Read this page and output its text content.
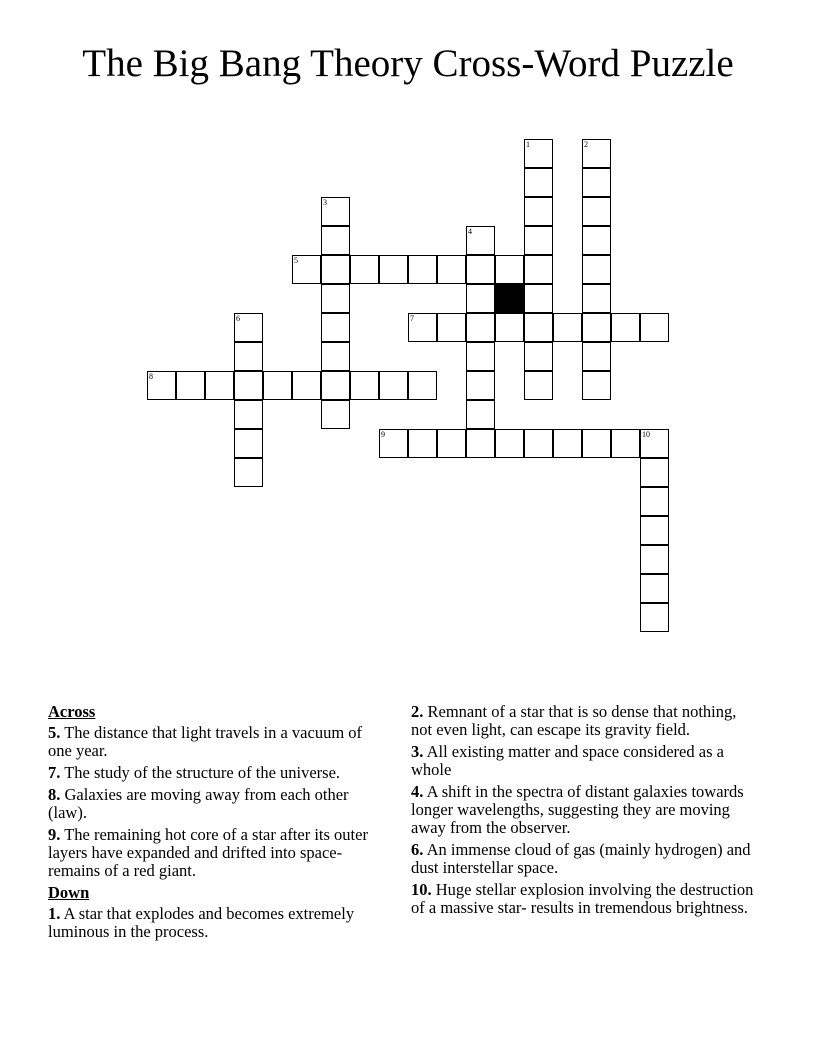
The Big Bang Theory Cross-Word Puzzle
1	2
3
4
5
6	7
8
9	10
Across
5. The distance that light travels in a vacuum of one year.
7. The study of the structure of the universe.
8. Galaxies are moving away from each other (law).
9. The remaining hot core of a star after its outer layers have expanded and drifted into space- remains of a red giant.
Down
1. A star that explodes and becomes extremely luminous in the process.
2. Remnant of a star that is so dense that nothing, not even light, can escape its gravity field.
3. All existing matter and space considered as a whole
4. A shift in the spectra of distant galaxies towards longer wavelengths, suggesting they are moving away from the observer.
6. An immense cloud of gas (mainly hydrogen) and dust interstellar space.
10. Huge stellar explosion involving the destruction of a massive star- results in tremendous brightness.
